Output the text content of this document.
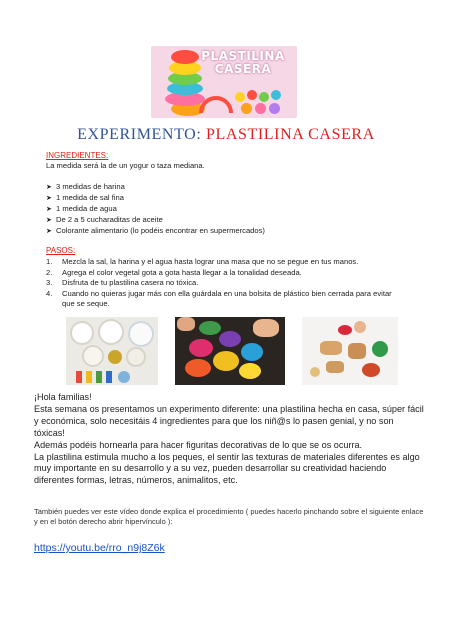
PLASTILINA
CASERA
EXPERIMENTO: PLASTILINA CASERA
INGREDIENTES:
La medida será la de un yogur o taza mediana.
➤ 3 medidas de harina
➤ 1 medida de sal fina
➤ 1 medida de agua
➤ De 2 a 5 cucharaditas de aceite
➤ Colorante alimentario (lo podéis encontrar en supermercados)
PASOS:
1.	Mezcla la sal, la harina y el agua hasta lograr una masa que no se pegue en tus manos.
2.	Agrega el color vegetal gota a gota hasta llegar a la tonalidad deseada.
3.	Disfruta de tu plastilina casera no tóxica.
4.	Cuando no quieras jugar más con ella guárdala en una bolsita de plástico bien cerrada para evitar que se seque.

¡Hola familias!

Esta semana os presentamos un experimento diferente: una plastilina hecha en casa, súper fácil y económica, solo necesitáis 4 ingredientes para que los niñ@s lo pasen genial, y no son tóxicas!

Además podéis hornearla para hacer figuritas decorativas de lo que se os ocurra.

La plastilina estimula mucho a los peques, el sentir las texturas de materiales diferentes es algo muy importante en su desarrollo y a su vez, pueden desarrollar su creatividad haciendo diferentes formas, letras, números, animalitos, etc.

También puedes ver este vídeo donde explica el procedimiento ( puedes hacerlo pinchando sobre el siguiente enlace y en el botón derecho abrir hipervínculo ):
https://youtu.be/rro_n9j8Z6k
